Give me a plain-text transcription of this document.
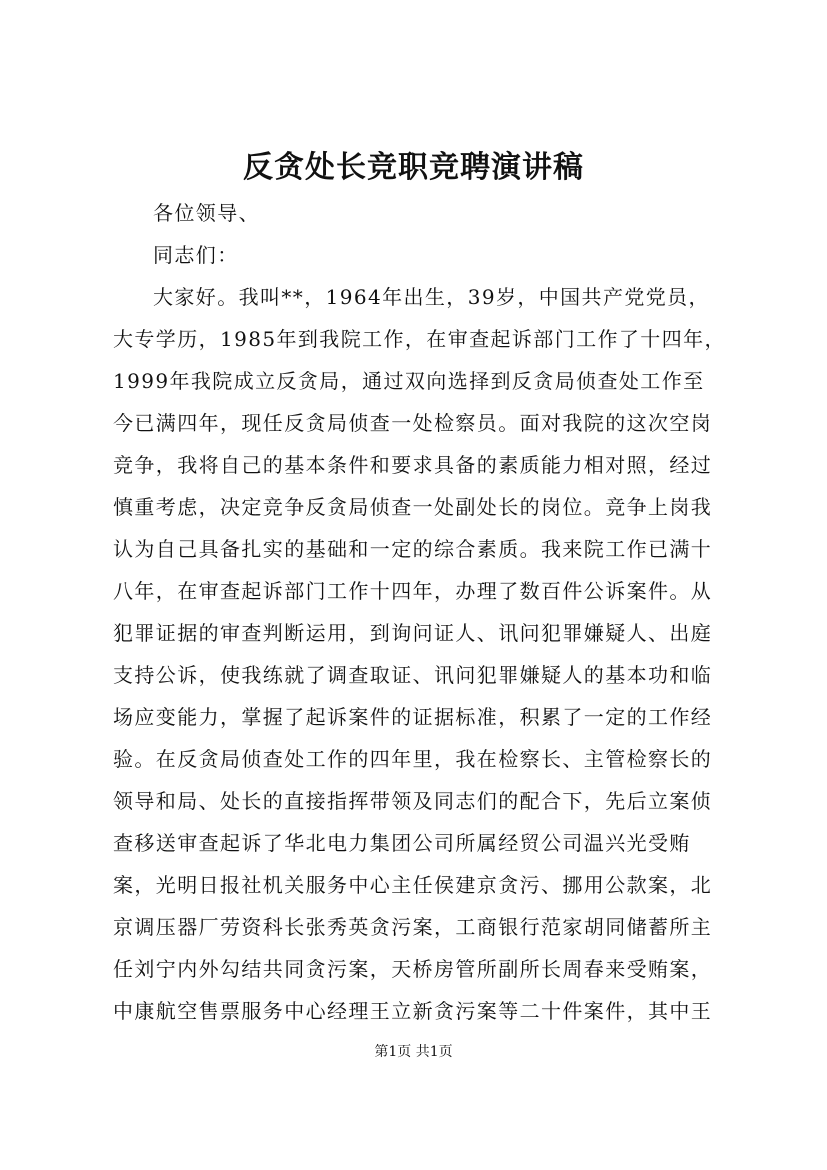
反贪处长竞职竞聘演讲稿
各位领导、
同志们：
大家好。我叫**，1964年出生，39岁，中国共产党党员，
大专学历，1985年到我院工作，在审查起诉部门工作了十四年，
1999年我院成立反贪局，通过双向选择到反贪局侦查处工作至
今已满四年，现任反贪局侦查一处检察员。面对我院的这次空岗
竞争，我将自己的基本条件和要求具备的素质能力相对照，经过
慎重考虑，决定竞争反贪局侦查一处副处长的岗位。竞争上岗我
认为自己具备扎实的基础和一定的综合素质。我来院工作已满十
八年，在审查起诉部门工作十四年，办理了数百件公诉案件。从
犯罪证据的审查判断运用，到询问证人、讯问犯罪嫌疑人、出庭
支持公诉，使我练就了调查取证、讯问犯罪嫌疑人的基本功和临
场应变能力，掌握了起诉案件的证据标准，积累了一定的工作经
验。在反贪局侦查处工作的四年里，我在检察长、主管检察长的
领导和局、处长的直接指挥带领及同志们的配合下，先后立案侦
查移送审查起诉了华北电力集团公司所属经贸公司温兴光受贿
案，光明日报社机关服务中心主任侯建京贪污、挪用公款案，北
京调压器厂劳资科长张秀英贪污案，工商银行范家胡同储蓄所主
任刘宁内外勾结共同贪污案，天桥房管所副所长周春来受贿案，
中康航空售票服务中心经理王立新贪污案等二十件案件，其中王
第1页 共1页
